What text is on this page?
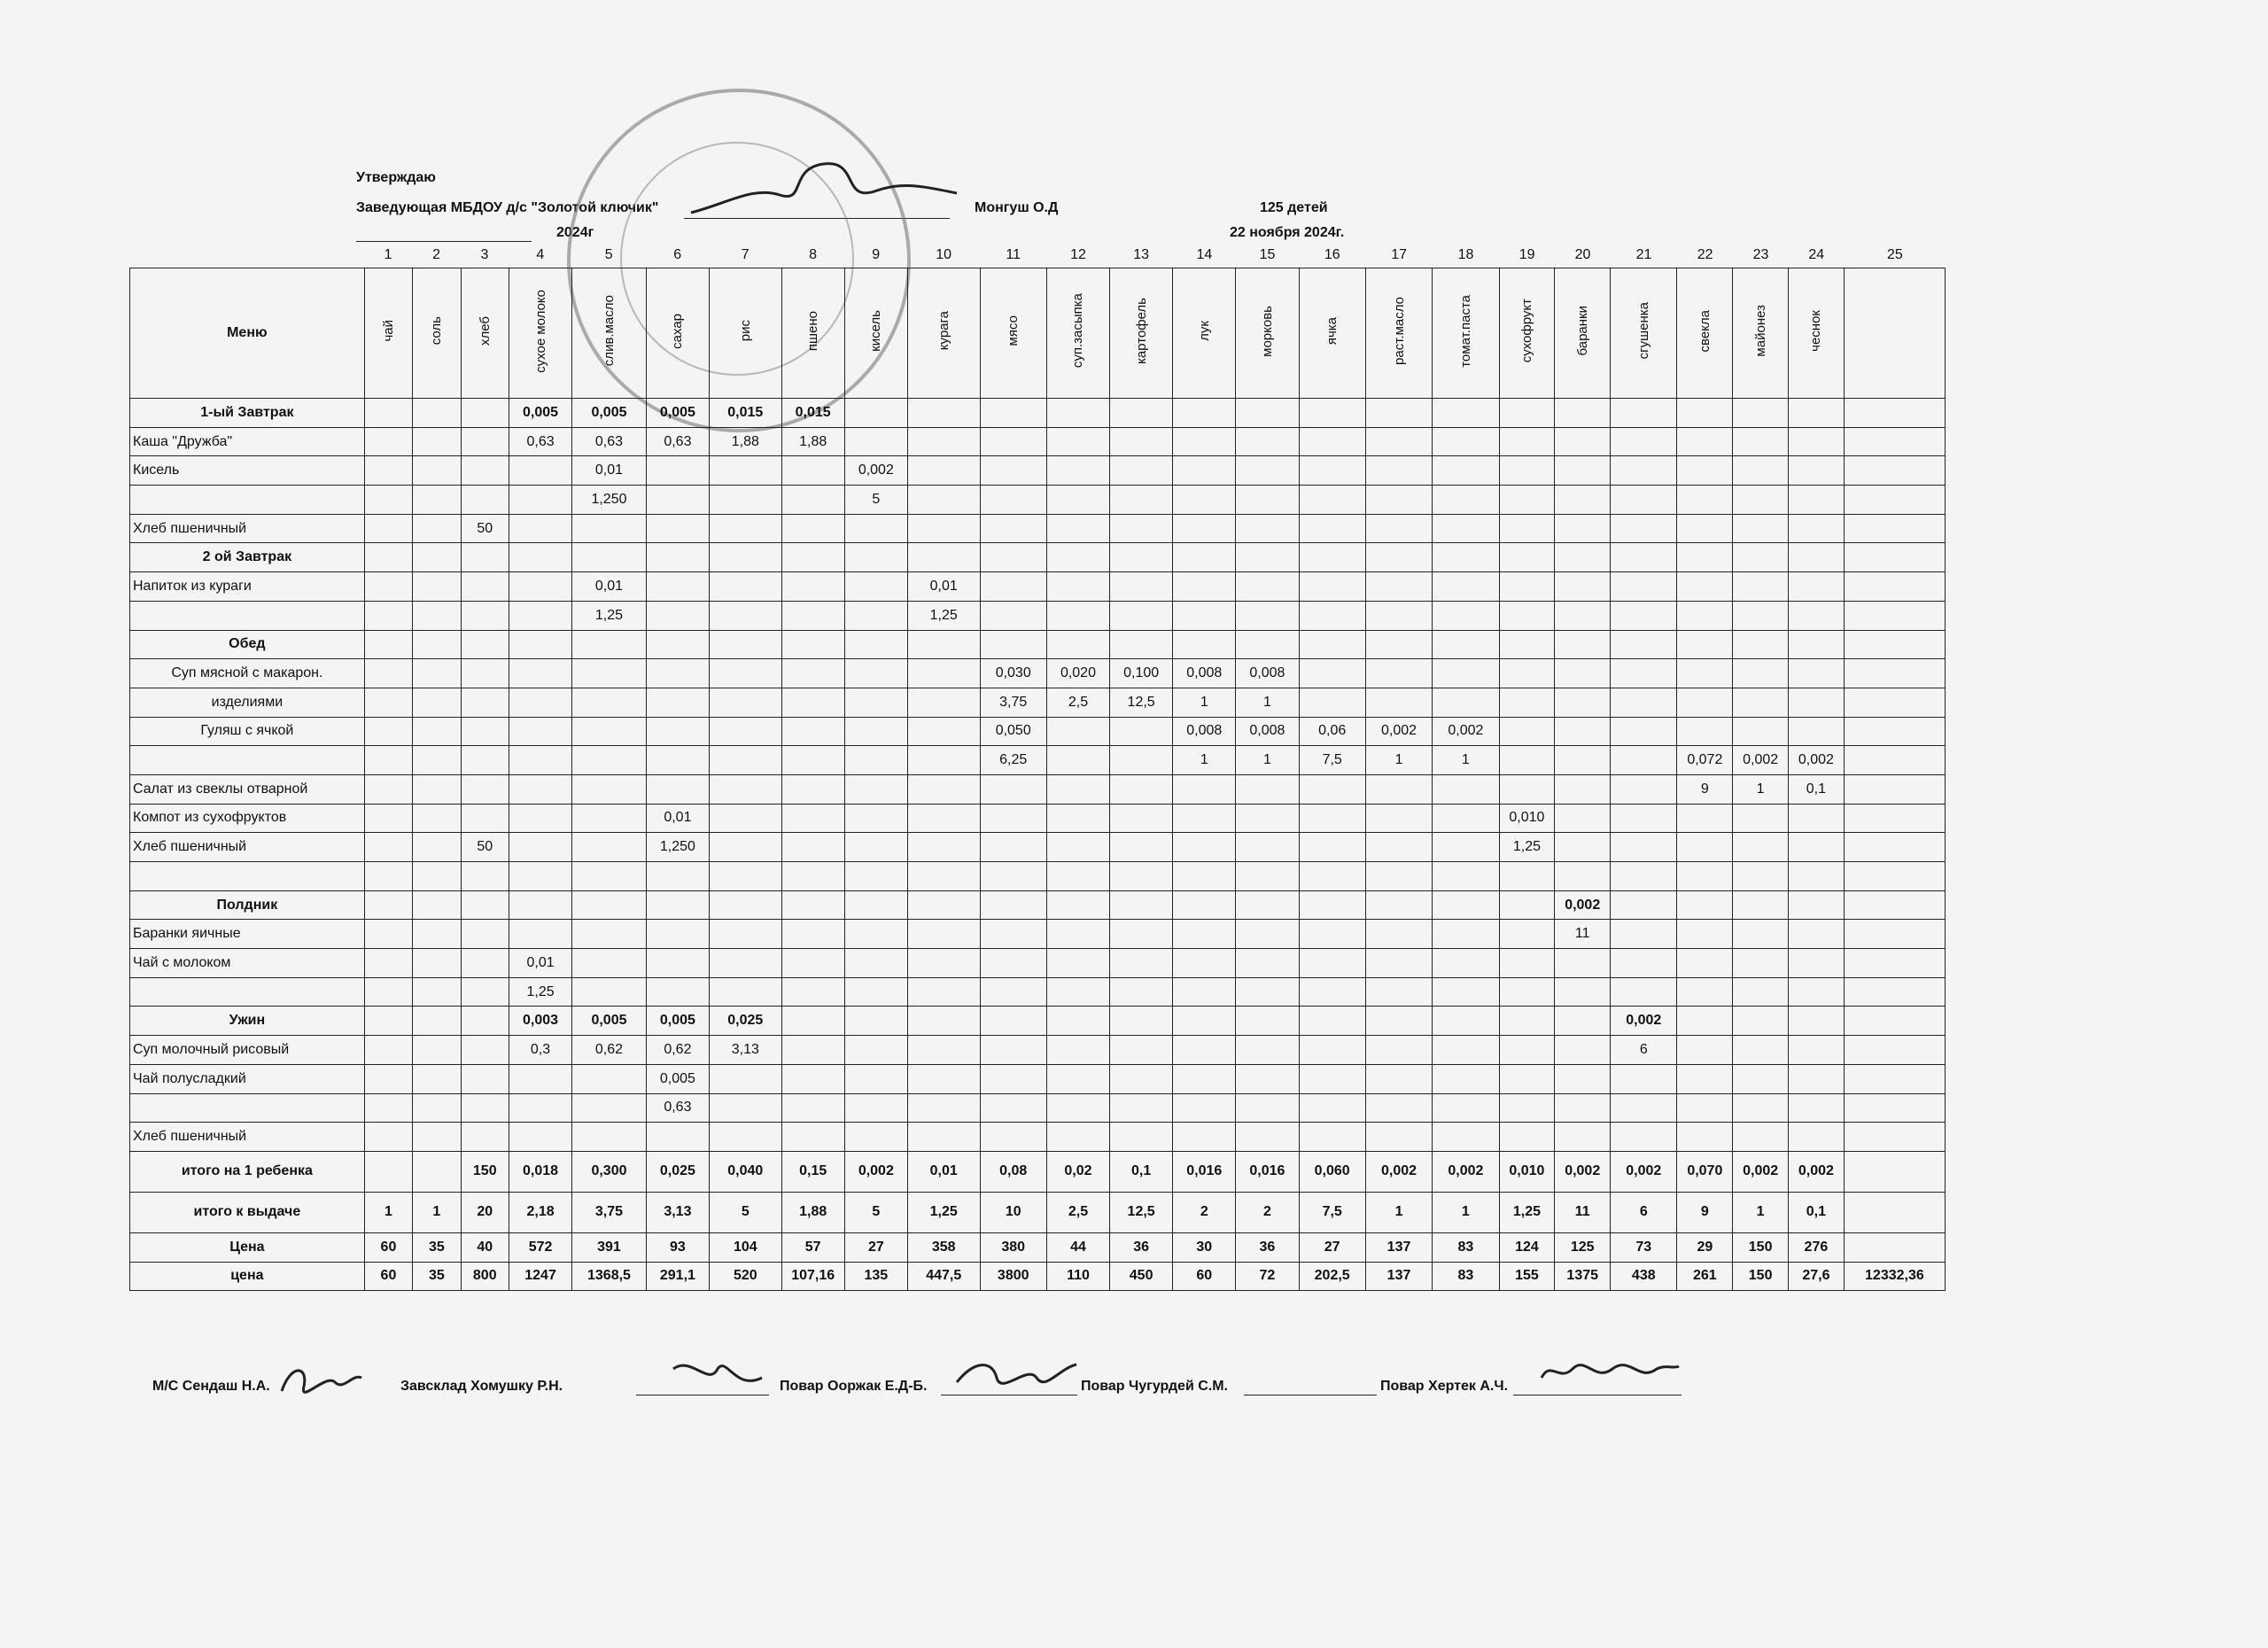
Утверждаю
Заведующая МБДОУ д/с "Золотой ключик"
2024г
Монгуш О.Д	125 детей
22 ноября 2024г.
	1	2	3	4	5	6	7	8	9	10	11	12	13	14	15	16	17	18	19	20	21	22	23	24	25
Меню	чай	соль	хлеб	сухое молоко	слив.масло	сахар	рис	пшено	кисель	курага	мясо	суп.засыпка	картофель	лук	морковь	ячка	раст.масло	томат.паста	сухофрукт	баранки	сгушенка	свекла	майонез	чеснок	
1-ый Завтрак				0,005	0,005	0,005	0,015	0,015																	
Каша "Дружба"				0,63	0,63	0,63	1,88	1,88																	
Кисель					0,01				0,002																
					1,250				5																
Хлеб пшеничный			50																						
2 ой Завтрак																									
Напиток из кураги					0,01					0,01															
					1,25					1,25															
Обед																									
Суп мясной с макарон.											0,030	0,020	0,100	0,008	0,008										
изделиями											3,75	2,5	12,5	1	1										
Гуляш с ячкой											0,050			0,008	0,008	0,06	0,002	0,002							
											6,25			1	1	7,5	1	1				0,072	0,002	0,002	
Салат из свеклы отварной																						9	1	0,1	
Компот из сухофруктов						0,01													0,010						
Хлеб пшеничный			50			1,250													1,25						

Полдник																				0,002					
Баранки яичные																				11					
Чай с молоком				0,01																					
				1,25																					
Ужин				0,003	0,005	0,005	0,025														0,002				
Суп молочный рисовый				0,3	0,62	0,62	3,13														6				
Чай полусладкий						0,005																			
						0,63																			
Хлеб пшеничный																									
итого на 1 ребенка			150	0,018	0,300	0,025	0,040	0,15	0,002	0,01	0,08	0,02	0,1	0,016	0,016	0,060	0,002	0,002	0,010	0,002	0,002	0,070	0,002	0,002	
итого к выдаче	1	1	20	2,18	3,75	3,13	5	1,88	5	1,25	10	2,5	12,5	2	2	7,5	1	1	1,25	11	6	9	1	0,1	
Цена	60	35	40	572	391	93	104	57	27	358	380	44	36	30	36	27	137	83	124	125	73	29	150	276	
цена	60	35	800	1247	1368,5	291,1	520	107,16	135	447,5	3800	110	450	60	72	202,5	137	83	155	1375	438	261	150	27,6	12332,36
М/С Сендаш Н.А.	Завсклад Хомушку Р.Н.	Повар Ооржак Е.Д-Б.	Повар Чугурдей С.М.	Повар Хертек А.Ч.
